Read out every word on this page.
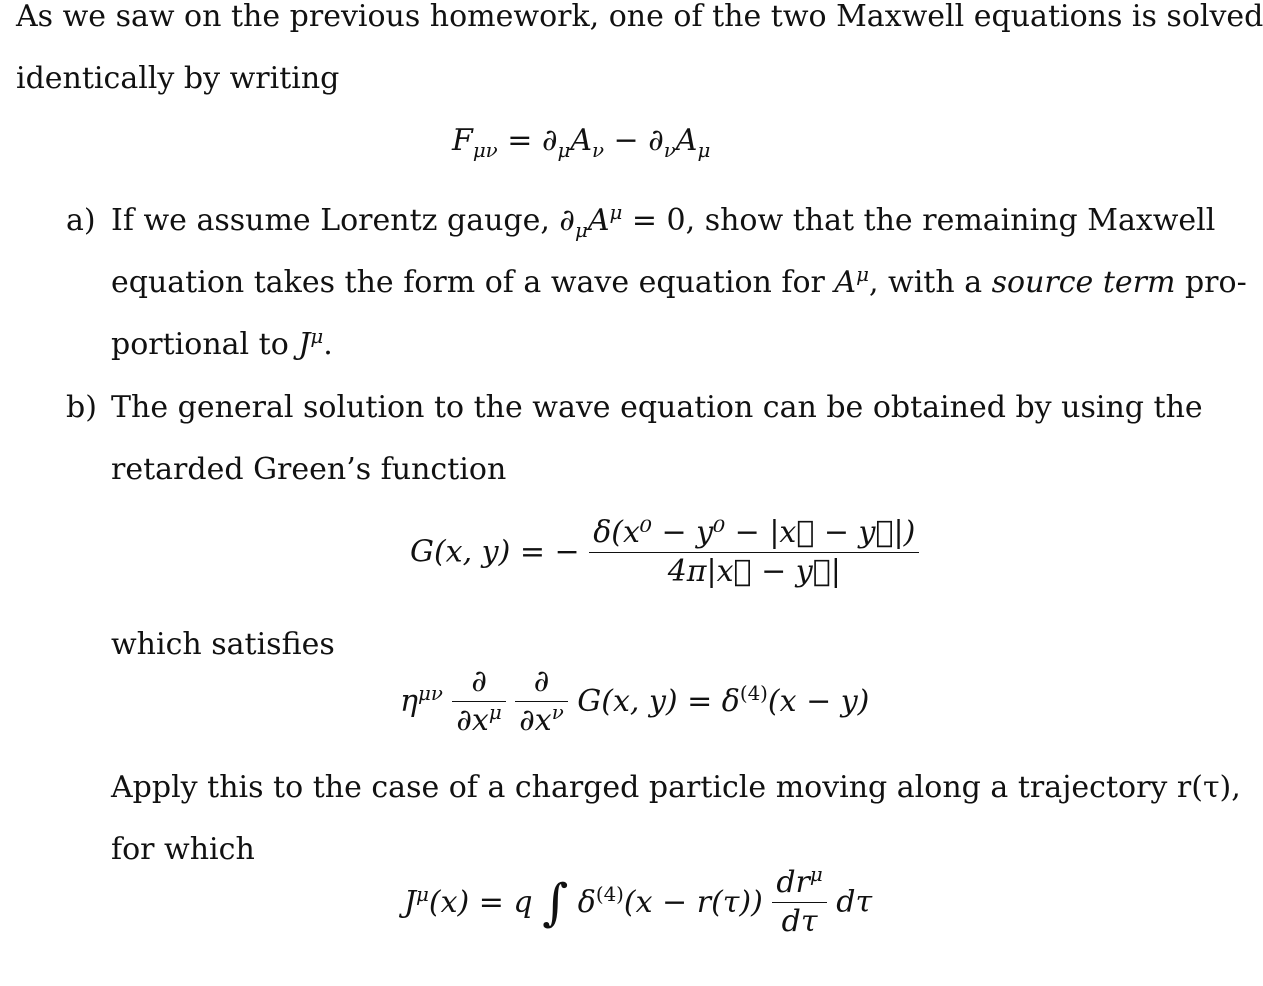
As we saw on the previous homework, one of the two Maxwell equations is solved
identically by writing
$F_{\mu\nu} = \partial_\mu A_\nu - \partial_\nu A_\mu$
a) If we assume Lorentz gauge, $\partial_\mu A^\mu = 0$, show that the remaining Maxwell
equation takes the form of a wave equation for $A^\mu$, with a source term pro-
portional to $J^\mu$.
b) The general solution to the wave equation can be obtained by using the
retarded Green’s function
G(x, y) = − $\frac{\text{δ(x⁰ − y⁰ − |x⃗ − y⃗|)}}{4\pi|x⃗ - y⃗|}$
which satisfies
$\eta^{\mu\nu} \frac{\partial}{\partial x^\mu}$
$\frac{\partial}{\partial x^\nu} G(x$, $y) = \delta^{(4)}(x - y)$
Apply this to the case of a charged particle moving along a trajectory r(τ),
for which
$J^\mu(x) = q$ ∫ $\delta^{(4)}(x - r(\tau)) \frac{dr^\mu}{d\tau}$ dτ
